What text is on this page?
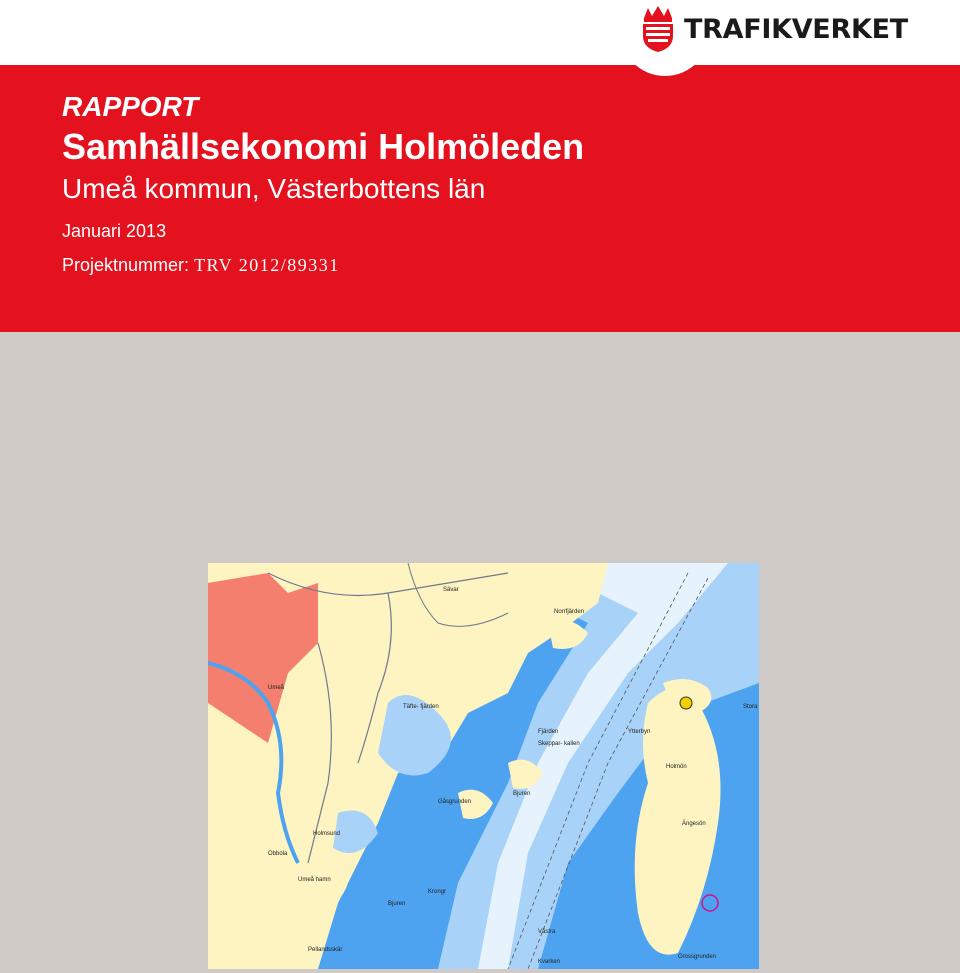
TRAFIKVERKET
RAPPORT
Samhällsekonomi Holmöleden
Umeå kommun, Västerbottens län
Januari 2013
Projektnummer: TRV 2012/89331
Sävar
Umeå
Obbola
Holmön
Ängesön
Norrfjärden
Täfte- fjärden
Skeppar- kallen
Bjuren
Krongr
Västra
Kvarken
Pellandsskär
Grossgrunden
Gåsgrunden
Umeå hamn
Fjärden
Bjuren
Holmsund
Ytterbyn
Stora
